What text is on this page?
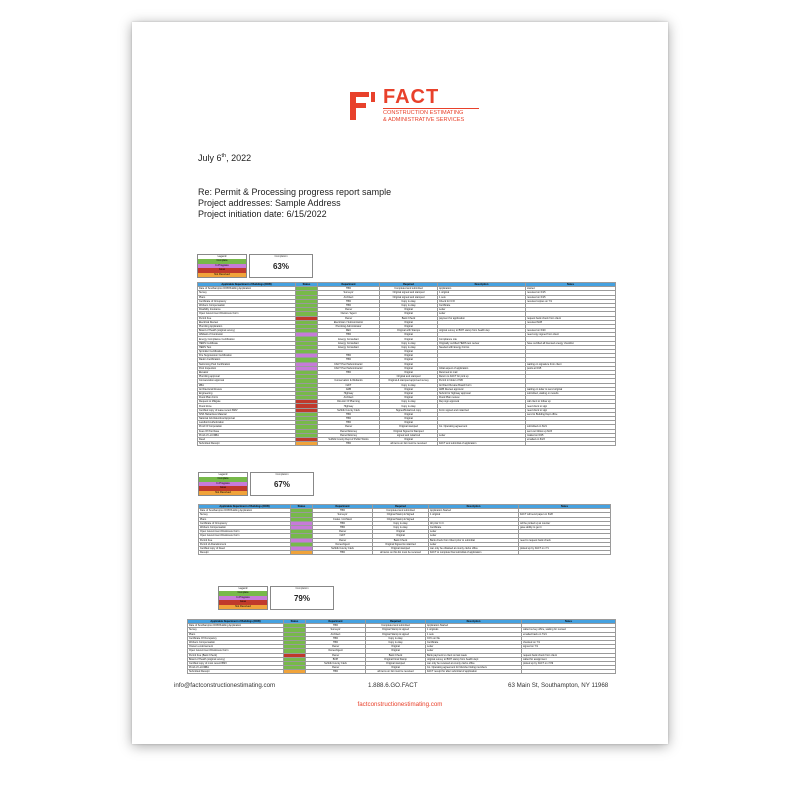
FACT
CONSTRUCTION ESTIMATING
& ADMINISTRATIVE SERVICES
July 6th, 2022
Re: Permit & Processing progress report sample
Project addresses: Sample Address
Project initiation date: 6/15/2022
Legend
Complete
In Progress
Issue
Not Received
Completion
63%
Applicable Department of Buildings (DOB)	Status	Department	Required	Description	Notes
Date of Southampton DOB Building Application		TBD	Completed and submitted	Application	started
Survey		Surveyor	Original signed and stamped	1 original	received on 6/15
Plans		Architect	Original signed and stamped	1 sets	received on 6/15
Certificate of Occupancy		TBD	Copy is okay	Check for C/O	received copies on 7/1
Workers Compensation		TBD	Copy is okay	Certificate	
Disability Insurance		Owner	Original	Letter	
Open Government Disclosure Form		Owner / Agent	Original	Letter	
Permit Fee		Owner	Bank Check	payment for application	request bank check from client
Electrical Review		Electrician / Subcontractor	Original		received 6/28
Plumbing Application		Plumbing Administrator	Original		
Board of Health (original survey)		DEC	Original with Stamps	original survey to BOH stamp from health dep	received on 6/20
Affidavit of Contractor		TBD	Original		need copy signed from client
Energy Compliance Certification		Energy Consultant	Original	Compliance Lite	
HERS Certificate		Energy Consultant	Copy is okay	Originally certified HERS test review	have certified all licensed energy checklist
HERS Test		Energy Consultant	Copy is okay	Needed with Energy Forms	
Sprinkler Certification			Original		
Fire Suppression Certification		TBD	Original		
Radon Certification		TBD	Original		
Swimming Pool Certification		FACT Pool Subcontractor	Original		waiting on signature from client
Pool Inspection		FACT Pool Subcontractor	Original	Initial aspect of application	pools at 6/15
Elevator		TBD	Original	Returned to mail	
Plumbing approval			Original and stamped	Return to FACT for pick up	
Conservation approval		Conservation & Wetlands	Original & stamped approved survey	Permit in folder of NB	
ZBA		NA/T	Copy is okay	Architect Review Board Form	
Architectural Review		ARB	Original	ARB Review approval	waiting on letter to send original
Engineering		Highway	Original	Submit for highway approval	submitted, waiting on results
Flood Plain Form		Architect	Original	Flood Plain review	
Request to Mitigate		Director Of Planning	Copy is okay	Rep sign approval	call client to follow up
Flood Zone		Highway	Copy is okay		need client to sign
Certified copy of lease recent BMV		Suffolk County Clerk	Signed/Notarized copy	Form signed and notarized	need client to sign
NHA Hazardous Material		TBD	Original		send to Building Dept office
National Grid Electrical Approval		TBD	Original		
Landlord Authorization		TBD	Original		
Proof Of Corporation		Owner	Original stamped	Co. Operating agreement	submitted on 6/21
Fees Of Purchase		Owner/Attorney	Original Signed & Stamped		sent out follow up 6/23
Proof of LLC/DBA		Owner/Attorney	signed and notarized	Letter	mailed on 6/25
Deed		Suffolk County Dept of Public Works	Original		emailed on 6/23
Submitted Receipt		TBD	all items on list must be received	FACT and submittal of application	
Legend
Complete
In Progress
Issue
Not Received
Completion
67%
Applicable Department of Buildings (DOB)	Status	Department	Required	Description	Notes
Date of Southampton DOB Building Application		TBD	Completed and submitted	Application Started	
Survey		Surveyor	Original Stamp & Signed	1 original	FACT will send paper on 6/28
Plans		Codes / Architect	Original Stamp & Signed		
Certificate of Occupancy		TBD	Copy is okay	All prior C.O.	will be picked up at counter
Workers Compensation		TBD	Copy is okay	Certificate	gave ability to get it
Open Government Disclosure Form		Owner	Original	Letter	
Open Government Disclosure Form		NA/T	Original	Letter	
Permit Fee		Owner	Bank Check	Bank check from Client prior to submittal	need to request bank check
Permit of Abandonment		Owner/Agent	Original Signed & notarized	Letter	
Certified copy of Deed		Suffolk County Clerk	Original stamped	can only be obtained at county clerks office	picked up by FACT on 7/1
Receipt		TBD	all items on this list must be received	FACT to complete final submittal of application	
Legend
Complete
In Progress
Issue
Not Received
Completion
79%
Applicable Department of Buildings (DOB)	Status	Department	Required	Description	Notes
Date of Southampton DOB Building Application		TBD	Completed and submitted	Application Started	
Survey		Surveyor	Original Stamp & signed	1 originals	called survey office, waiting for revised
Plans		Architect	Original Stamp & signed	1 sets	emailed back on 7/21
Certificate Of Occupancy		TBD	Copy is okay	CO's on file	
Workers Compensation		TBD	Copy is okay	Certificate	checked on 7/1
Owners endorsement		Owner	Original	Letter	signed on 7/1
Open Government Disclosure Form		Owner/Agent	Original	Letter	
Permit Fee (Bank Check)		Owner	Bank Check	Bank payment to client on last week	request bank check from client
Board of Health (original survey)		BOH	Original Final Stamp	original survey to BOH stamp from health dept	called for assignment
Certified copy of most recent BMV		Suffolk County Clerk	Original stamped	can only be received at county clerks office	picked up by FACT on 7/29
Proof of LLC/DBA		Owner	Original	Co. Operating agreement for Member listing members	
Submitted Receipt		TBD	all items on list must be received	FACT receipt for after submittal of application	
info@factconstructionestimating.com	1.888.6.GO.FACT	63 Main St, Southampton, NY 11968
factconstructionestimating.com
